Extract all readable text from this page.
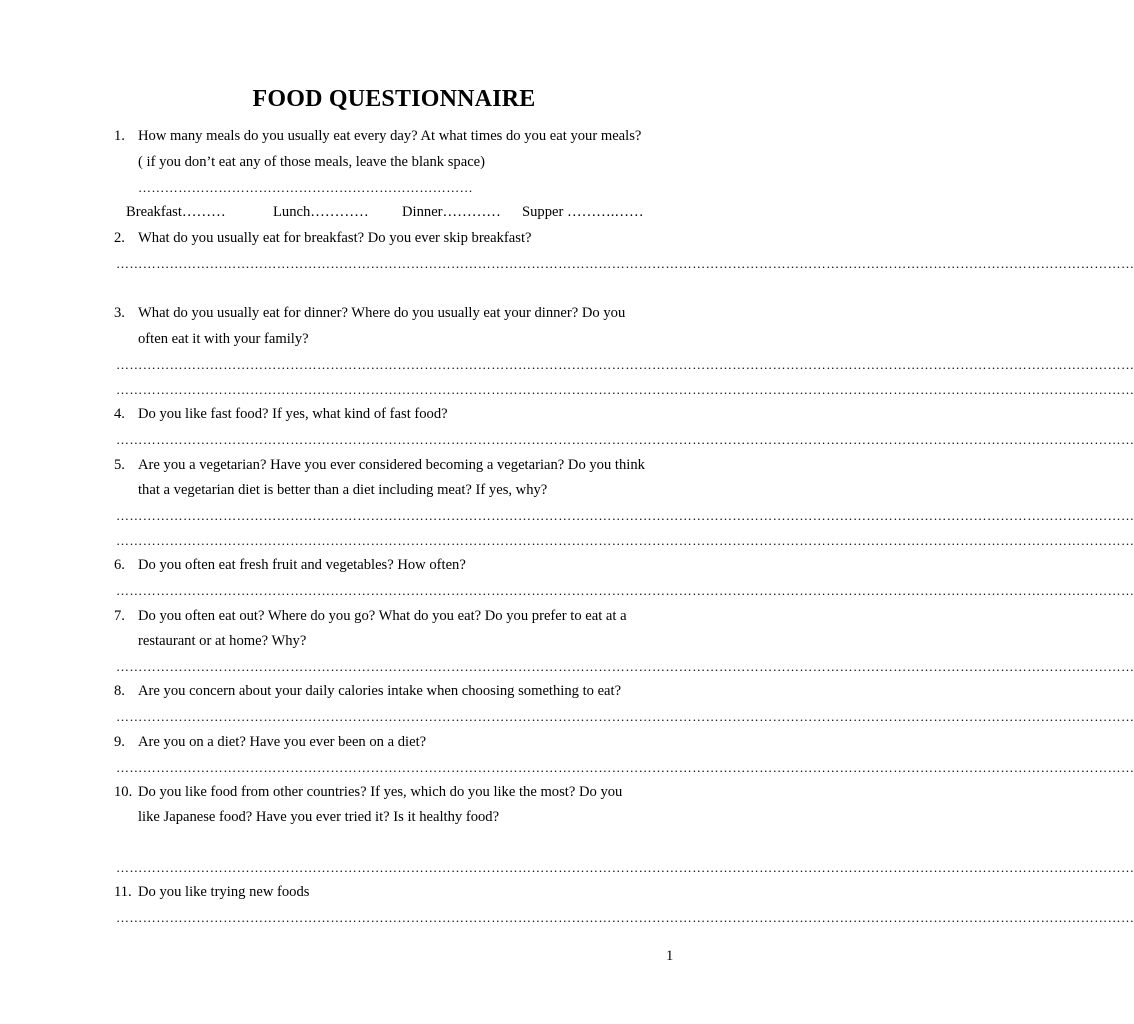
FOOD QUESTIONNAIRE
1. How many meals do you usually eat every day? At what times do you eat your meals?
( if you don’t eat any of those meals, leave the blank space)
…………………………………………………………………
Breakfast………	Lunch………… Dinner………… Supper ……….……
2. What do you usually eat for breakfast? Do you ever skip breakfast?
…………………………………………………………………………………………………………………………………………………………………………………………………………
3. What do you usually eat for dinner? Where do you usually eat your dinner? Do you
often eat it with your family?
…………………………………………………………………………………………………………………………………………………………………………………………………………
…………………………………………………………………………………………………………………………………………………………………………………………………………
4. Do you like fast food? If yes, what kind of fast food?
…………………………………………………………………………………………………………………………………………………………………………………………………………
5. Are you a vegetarian? Have you ever considered becoming a vegetarian? Do you think
that a vegetarian diet is better than a diet including meat? If yes, why?
…………………………………………………………………………………………………………………………………………………………………………………………………………
…………………………………………………………………………………………………………………………………………………………………………………………………………
6. Do you often eat fresh fruit and vegetables? How often?
…………………………………………………………………………………………………………………………………………………………………………………………………………
7. Do you often eat out? Where do you go? What do you eat? Do you prefer to eat at a
restaurant or at home? Why?
…………………………………………………………………………………………………………………………………………………………………………………………………………
8. Are you concern about your daily calories intake when choosing something to eat?
…………………………………………………………………………………………………………………………………………………………………………………………………………
9. Are you on a diet? Have you ever been on a diet?
…………………………………………………………………………………………………………………………………………………………………………………………………………
10. Do you like food from other countries? If yes, which do you like the most? Do you
like Japanese food? Have you ever tried it? Is it healthy food?
…………………………………………………………………………………………………………………………………………………………………………………………………………
11. Do you like trying new foods
…………………………………………………………………………………………………………………………………………………………………………………………………………
1
